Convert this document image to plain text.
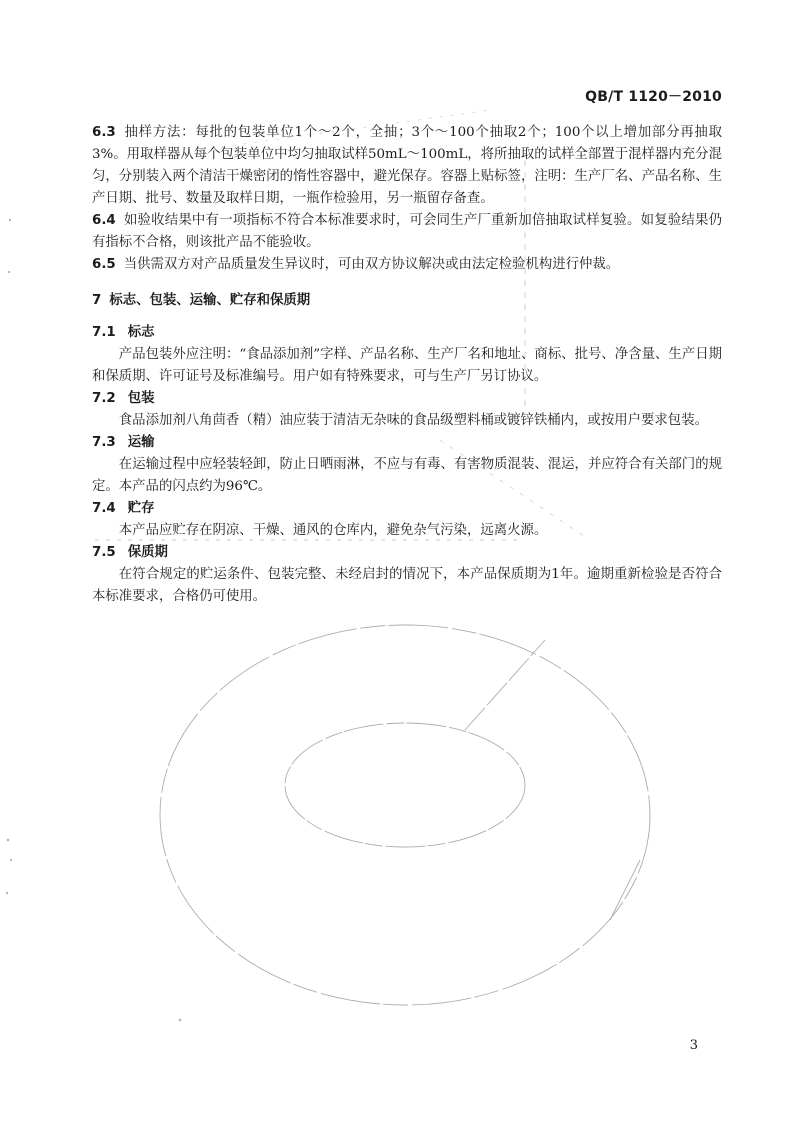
QB/T 1120－2010

6.3 抽样方法：每批的包装单位1个～2个，全抽；3个～100个抽取2个；100个以上增加部分再抽取3%。用取样器从每个包装单位中均匀抽取试样50mL～100mL，将所抽取的试样全部置于混样器内充分混匀，分别装入两个清洁干燥密闭的惰性容器中，避光保存。容器上贴标签，注明：生产厂名、产品名称、生产日期、批号、数量及取样日期，一瓶作检验用，另一瓶留存备查。

6.4 如验收结果中有一项指标不符合本标准要求时，可会同生产厂重新加倍抽取试样复验。如复验结果仍有指标不合格，则该批产品不能验收。

6.5 当供需双方对产品质量发生异议时，可由双方协议解决或由法定检验机构进行仲裁。

7 标志、包装、运输、贮存和保质期

7.1 标志

产品包装外应注明：“食品添加剂”字样、产品名称、生产厂名和地址、商标、批号、净含量、生产日期和保质期、许可证号及标准编号。用户如有特殊要求，可与生产厂另订协议。

7.2 包装

食品添加剂八角茴香（精）油应装于清洁无杂味的食品级塑料桶或镀锌铁桶内，或按用户要求包装。

7.3 运输

在运输过程中应轻装轻卸，防止日晒雨淋，不应与有毒、有害物质混装、混运，并应符合有关部门的规定。本产品的闪点约为96℃。

7.4 贮存

本产品应贮存在阴凉、干燥、通风的仓库内，避免杂气污染，远离火源。

7.5 保质期

在符合规定的贮运条件、包装完整、未经启封的情况下，本产品保质期为1年。逾期重新检验是否符合本标准要求，合格仍可使用。

3
